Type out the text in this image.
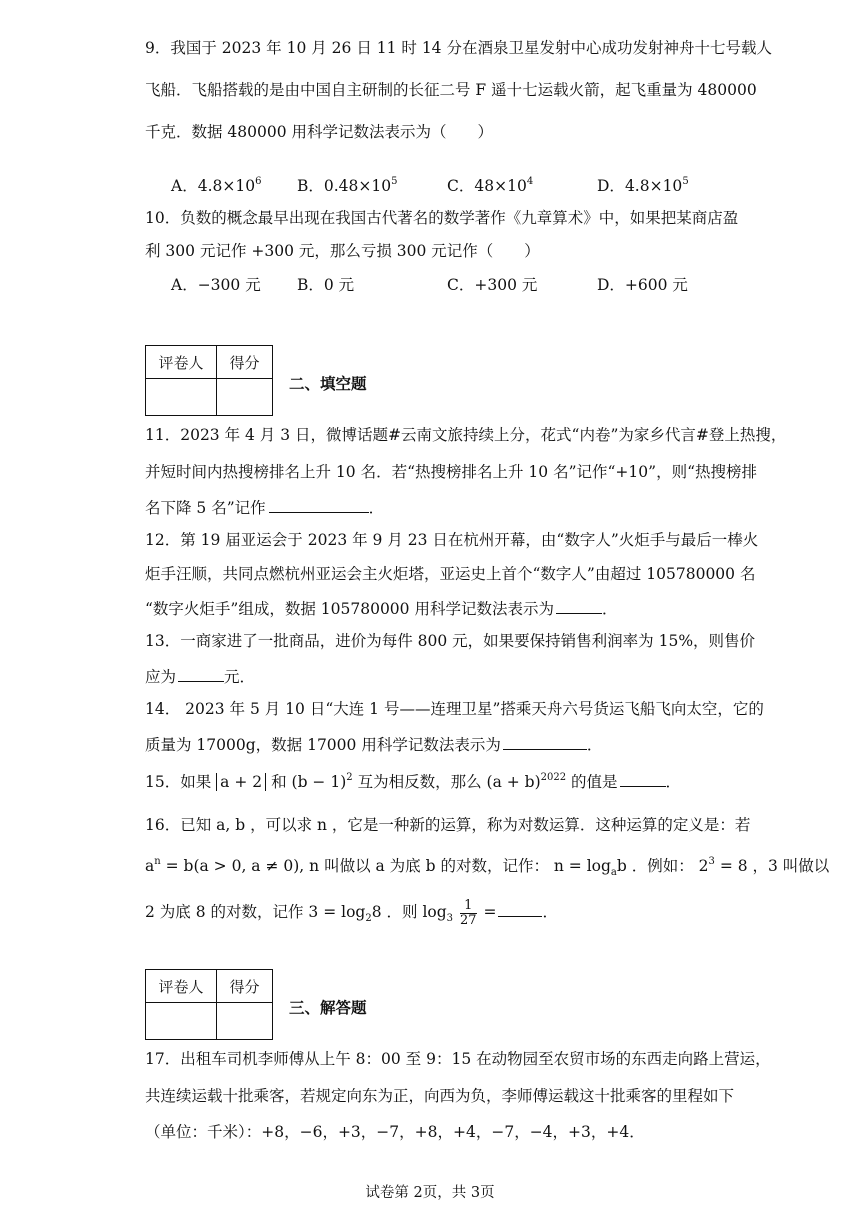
9．我国于 2023 年 10 月 26 日 11 时 14 分在酒泉卫星发射中心成功发射神舟十七号载人
飞船．飞船搭载的是由中国自主研制的长征二号 F 遥十七运载火箭，起飞重量为 480000
千克．数据 480000 用科学记数法表示为（　　）
A．$4.8\times 10^6$ B．$0.48\times 10^5$	C．$48\times 10^4$	D．$4.8\times 10^5$
10．负数的概念最早出现在我国古代著名的数学著作《九章算术》中，如果把某商店盈
利 300 元记作 +300 元，那么亏损 300 元记作（　　）
A．−300 元 B．0 元	C．+300 元	D．+600 元
评卷人	得分

二、填空题
11．2023 年 4 月 3 日，微博话题#云南文旅持续上分，花式“内卷”为家乡代言#登上热搜，
并短时间内热搜榜排名上升 10 名．若“热搜榜排名上升 10 名”记作“+10”，则“热搜榜排
名下降 5 名”记作	．
12．第 19 届亚运会于 2023 年 9 月 23 日在杭州开幕，由“数字人”火炬手与最后一棒火
炬手汪顺，共同点燃杭州亚运会主火炬塔，亚运史上首个“数字人”由超过 105780000 名
“数字火炬手”组成，数据 105780000 用科学记数法表示为	．
13．一商家进了一批商品，进价为每件 800 元，如果要保持销售利润率为 15%，则售价
应为	元．
14． 2023 年 5 月 10 日“大连 1 号——连理卫星”搭乘天舟六号货运飞船飞向太空，它的
质量为 17000g，数据 17000 用科学记数法表示为	．
15．如果 a + 2 和 $(b - 1)^2$ 互为相反数，那么 $(a + b)^{2022}$ 的值是	．
16．已知 a, b ，可以求 n ，它是一种新的运算，称为对数运算．这种运算的定义是：若
$a^n = b(a > 0$, a ≠ 0), n 叫做以 a 为底 b 的对数，记作： $n = \log_ab$ ．例如： $2^3 = 8$ ，3 叫做以
2 为底 8 的对数，记作 $3 = \log_28$ ．则 $\log_3 \frac{1}{27}$ =	．
评卷人	得分

三、解答题
17．出租车司机李师傅从上午 8：00 至 9：15 在动物园至农贸市场的东西走向路上营运，
共连续运载十批乘客，若规定向东为正，向西为负，李师傅运载这十批乘客的里程如下
（单位：千米）：+8，−6，+3，−7，+8，+4，−7，−4，+3，+4．
试卷第 2页，共 3页
